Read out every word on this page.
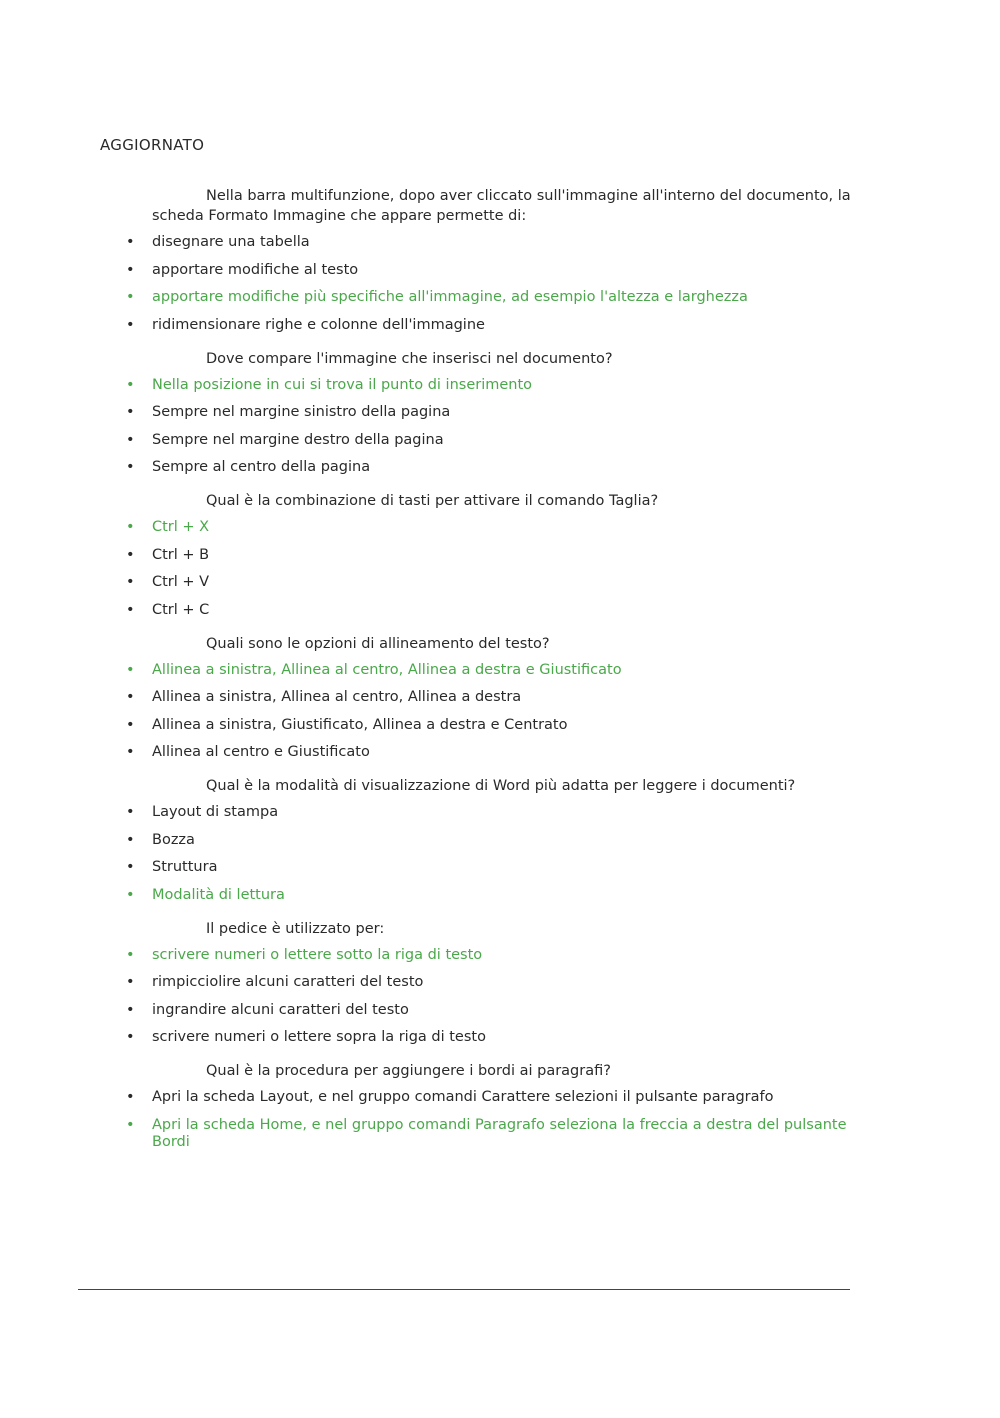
AGGIORNATO

Nella barra multifunzione, dopo aver cliccato sull'immagine all'interno del documento, la scheda Formato Immagine che appare permette di:

• disegnare una tabella
• apportare modifiche al testo
• apportare modifiche più specifiche all'immagine, ad esempio l'altezza e larghezza
• ridimensionare righe e colonne dell'immagine

Dove compare l'immagine che inserisci nel documento?

• Nella posizione in cui si trova il punto di inserimento
• Sempre nel margine sinistro della pagina
• Sempre nel margine destro della pagina
• Sempre al centro della pagina

Qual è la combinazione di tasti per attivare il comando Taglia?

• Ctrl + X
• Ctrl + B
• Ctrl + V
• Ctrl + C

Quali sono le opzioni di allineamento del testo?

• Allinea a sinistra, Allinea al centro, Allinea a destra e Giustificato
• Allinea a sinistra, Allinea al centro, Allinea a destra
• Allinea a sinistra, Giustificato, Allinea a destra e Centrato
• Allinea al centro e Giustificato

Qual è la modalità di visualizzazione di Word più adatta per leggere i documenti?

• Layout di stampa
• Bozza
• Struttura
• Modalità di lettura

Il pedice è utilizzato per:

• scrivere numeri o lettere sotto la riga di testo
• rimpicciolire alcuni caratteri del testo
• ingrandire alcuni caratteri del testo
• scrivere numeri o lettere sopra la riga di testo

Qual è la procedura per aggiungere i bordi ai paragrafi?

• Apri la scheda Layout, e nel gruppo comandi Carattere selezioni il pulsante paragrafo
• Apri la scheda Home, e nel gruppo comandi Paragrafo seleziona la freccia a destra del pulsante Bordi
